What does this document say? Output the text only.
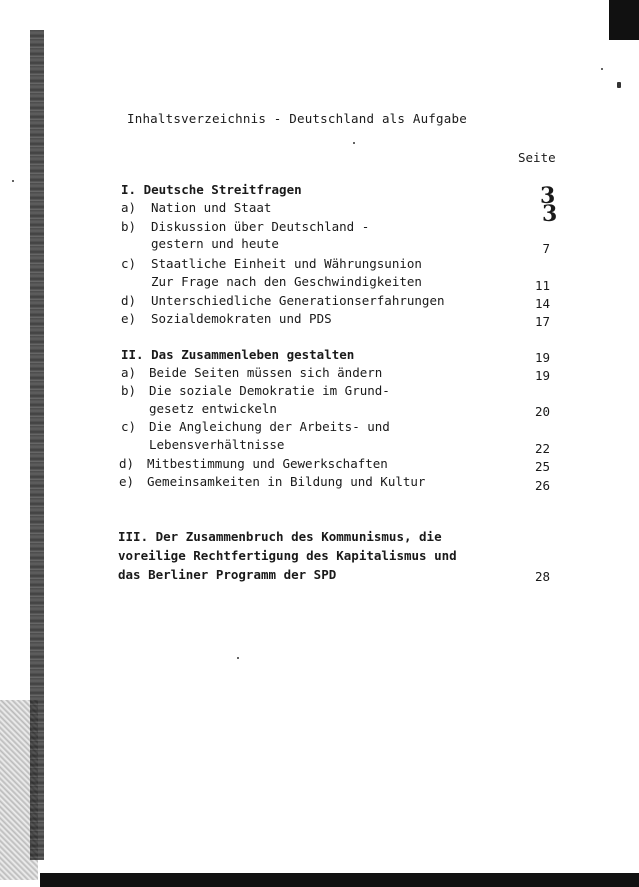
Inhaltsverzeichnis - Deutschland als Aufgabe
Seite
I. Deutsche Streitfragen	3
a) Nation und Staat	3
b) Diskussion über Deutschland -
gestern und heute	7
c) Staatliche Einheit und Währungsunion
Zur Frage nach den Geschwindigkeiten	11
d) Unterschiedliche Generationserfahrungen	14
e) Sozialdemokraten und PDS	17
II. Das Zusammenleben gestalten	19
a) Beide Seiten müssen sich ändern	19
b) Die soziale Demokratie im Grund-
gesetz entwickeln	20
c) Die Angleichung der Arbeits- und
Lebensverhältnisse	22
d) Mitbestimmung und Gewerkschaften	25
e) Gemeinsamkeiten in Bildung und Kultur	26
III. Der Zusammenbruch des Kommunismus, die
voreilige Rechtfertigung des Kapitalismus und
das Berliner Programm der SPD	28
